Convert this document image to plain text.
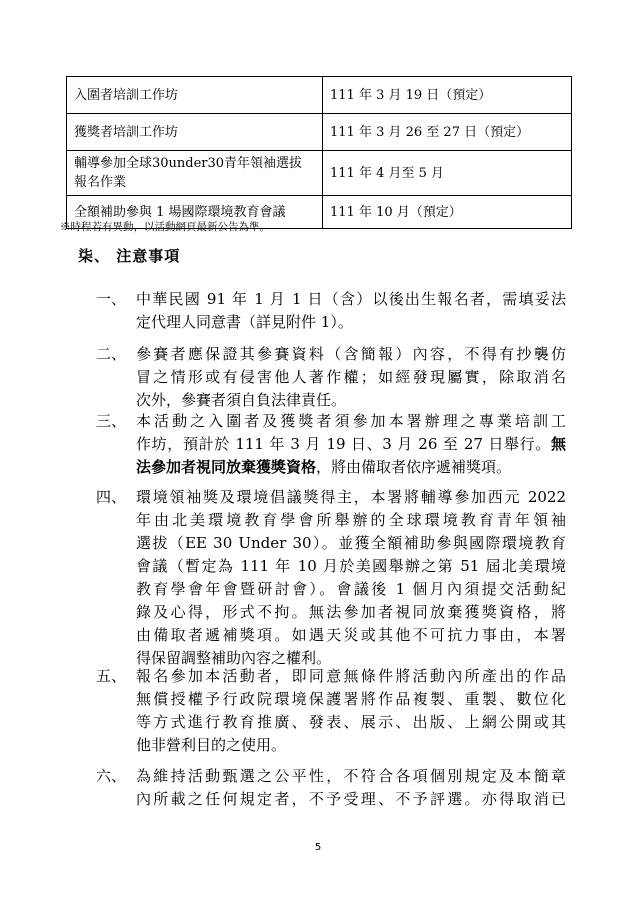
入圍者培訓工作坊	111 年 3 月 19 日（預定）
獲獎者培訓工作坊	111 年 3 月 26 至 27 日（預定）
輔導參加全球30under30青年領袖選拔
報名作業	111 年 4 月至 5 月
全額補助參與 1 場國際環境教育會議	111 年 10 月（預定）
※時程若有異動，以活動網頁最新公告為準。
柒、 注意事項
一、 中華民國 91 年 1 月 1 日（含）以後出生報名者，需填妥法
定代理人同意書（詳見附件 1）。
二、 參賽者應保證其參賽資料（含簡報）內容，不得有抄襲仿
冒之情形或有侵害他人著作權；如經發現屬實，除取消名
次外，參賽者須自負法律責任。
三、 本活動之入圍者及獲獎者須參加本署辦理之專業培訓工
作坊，預計於 111 年 3 月 19 日、3 月 26 至 27 日舉行。無
法參加者視同放棄獲獎資格，將由備取者依序遞補獎項。
四、 環境領袖獎及環境倡議獎得主，本署將輔導參加西元 2022
年由北美環境教育學會所舉辦的全球環境教育青年領袖
選拔（EE 30 Under 30）。並獲全額補助參與國際環境教育
會議（暫定為 111 年 10 月於美國舉辦之第 51 屆北美環境
教育學會年會暨研討會）。會議後 1 個月內須提交活動紀
錄及心得，形式不拘。無法參加者視同放棄獲獎資格，將
由備取者遞補獎項。如遇天災或其他不可抗力事由，本署
得保留調整補助內容之權利。
五、 報名參加本活動者，即同意無條件將活動內所產出的作品
無償授權予行政院環境保護署將作品複製、重製、數位化
等方式進行教育推廣、發表、展示、出版、上網公開或其
他非營利目的之使用。
六、 為維持活動甄選之公平性，不符合各項個別規定及本簡章
內所載之任何規定者，不予受理、不予評選。亦得取消已
5
